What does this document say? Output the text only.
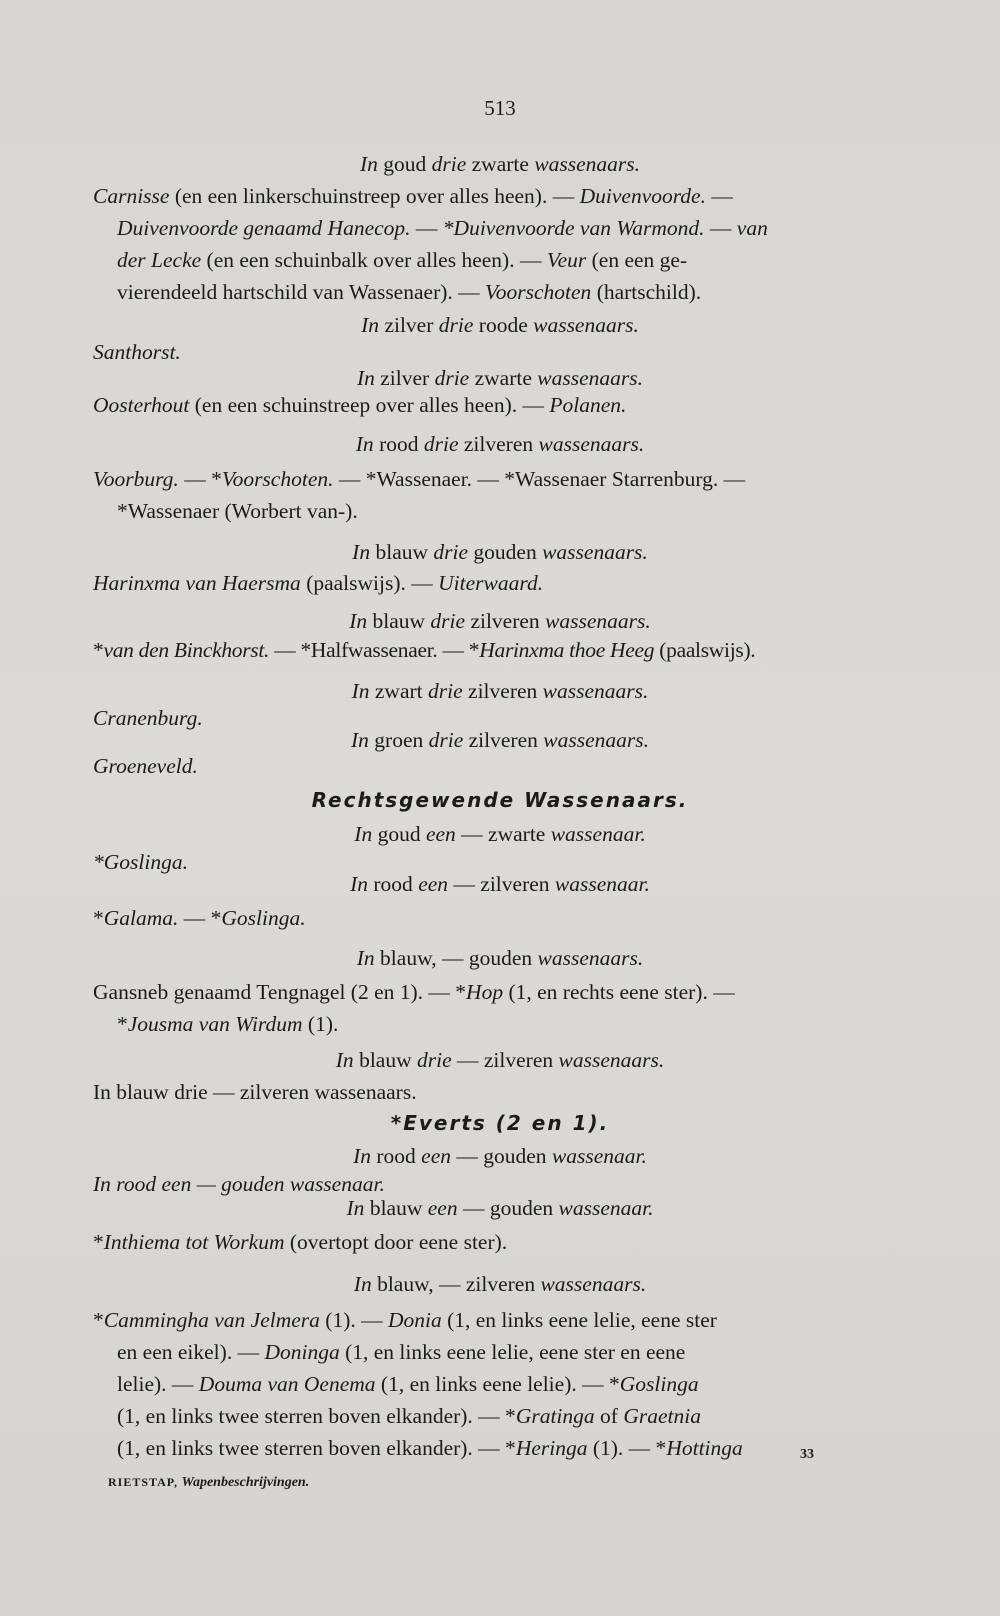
513
In goud drie zwarte wassenaars.
Carnisse (en een linkerschuinstreep over alles heen). — Duivenvoorde. —
Duivenvoorde genaamd Hanecop. — *Duivenvoorde van Warmond. — van
der Lecke (en een schuinbalk over alles heen). — Veur (en een ge-
vierendeeld hartschild van Wassenaer). — Voorschoten (hartschild).
In zilver drie roode wassenaars.
Santhorst.
In zilver drie zwarte wassenaars.
Oosterhout (en een schuinstreep over alles heen). — Polanen.
In rood drie zilveren wassenaars.
Voorburg. — *Voorschoten. — *Wassenaer. — *Wassenaer Starrenburg. —
*Wassenaer (Worbert van-).
In blauw drie gouden wassenaars.
Harinxma van Haersma (paalswijs). — Uiterwaard.
In blauw drie zilveren wassenaars.
*van den Binckhorst. — *Halfwassenaer. — *Harinxma thoe Heeg (paalswijs).
In zwart drie zilveren wassenaars.
Cranenburg.
In groen drie zilveren wassenaars.
Groeneveld.
Rechtsgewende Wassenaars.
In goud een — zwarte wassenaar.
*Goslinga.
In rood een — zilveren wassenaar.
*Galama. — *Goslinga.
In blauw, — gouden wassenaars.
Gansneb genaamd Tengnagel (2 en 1). — *Hop (1, en rechts eene ster). —
*Jousma van Wirdum (1).
In blauw drie — zilveren wassenaars.
In blauw drie — zilveren wassenaars.
*Everts (2 en 1).
In rood een — gouden wassenaar.
In rood een — gouden wassenaar.
In blauw een — gouden wassenaar.
*Inthiema tot Workum (overtopt door eene ster).
In blauw, — zilveren wassenaars.
*Cammingha van Jelmera (1). — Donia (1, en links eene lelie, eene ster
en een eikel). — Doninga (1, en links eene lelie, eene ster en eene
lelie). — Douma van Oenema (1, en links eene lelie). — *Goslinga
(1, en links twee sterren boven elkander). — *Gratinga of Graetnia
(1, en links twee sterren boven elkander). — *Heringa (1). — *Hottinga
RIETSTAP, Wapenbeschrijvingen.
33
